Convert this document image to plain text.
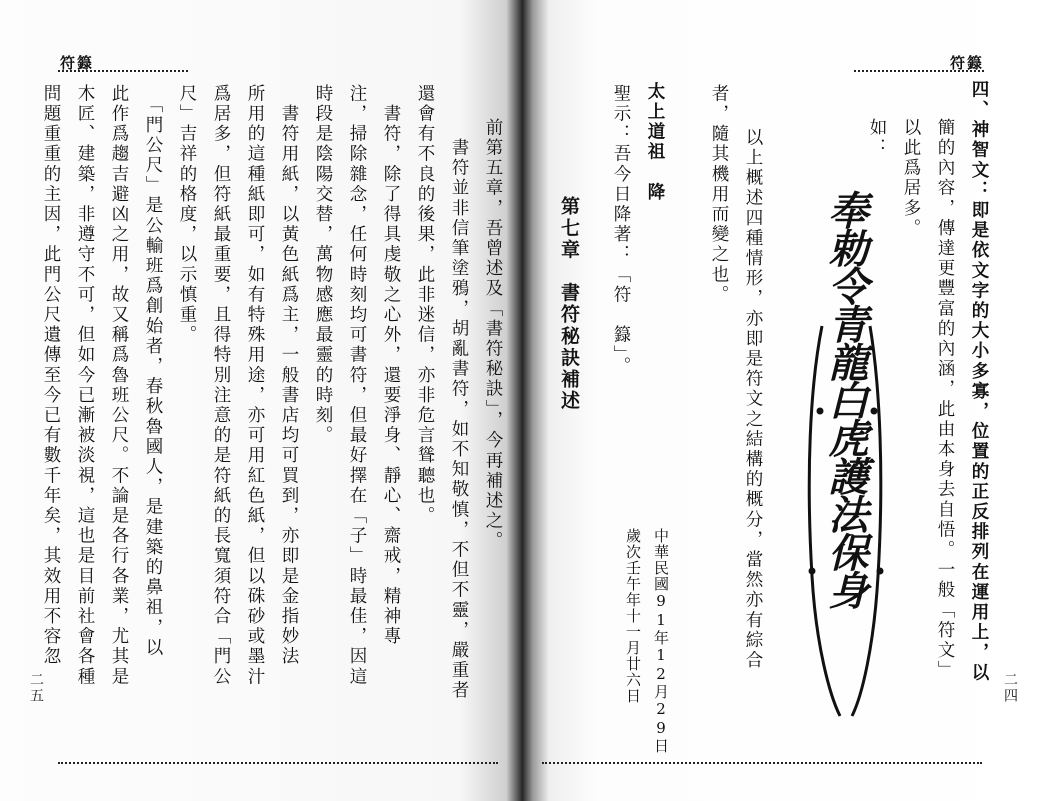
符籙
二五
前第五章，吾曾述及「書符秘訣」，今再補述之。
　書符並非信筆塗鴉，胡亂書符，如不知敬慎，不但不靈，嚴重者
還會有不良的後果，此非迷信，亦非危言聳聽也。
　書符，除了得具虔敬之心外，還要淨身、靜心、齋戒，精神專
注，掃除雜念，任何時刻均可書符，但最好擇在「子」時最佳，因這
時段是陰陽交替，萬物感應最靈的時刻。
　書符用紙，以黃色紙爲主，一般書店均可買到，亦即是金指妙法
所用的這種紙即可，如有特殊用途，亦可用紅色紙，但以硃砂或墨汁
爲居多，但符紙最重要，且得特別注意的是符紙的長寬須符合「門公
尺」吉祥的格度，以示慎重。
　「門公尺」是公輸班爲創始者，春秋魯國人，是建築的鼻祖，以
此作爲趨吉避凶之用，故又稱爲魯班公尺。不論是各行各業，尤其是
木匠、建築，非遵守不可，但如今已漸被淡視，這也是目前社會各種
問題重重的主因，此門公尺遺傳至今已有數千年矣，其效用不容忽
符籙
二四
四、神智文：即是依文字的大小多寡，位置的正反排列在運用上，以
簡的內容，傳達更豐富的內涵，此由本身去自悟。一般「符文」
以此爲居多。
如：
奉勅令青龍白虎護法保身
以上概述四種情形，亦即是符文之結構的概分，當然亦有綜合
者，隨其機用而變之也。
中華民國91年12月29日
歲次壬午年十一月廿六日
太上道祖　降
聖示：吾今日降著：「符　籙」。
第七章　書符秘訣補述
